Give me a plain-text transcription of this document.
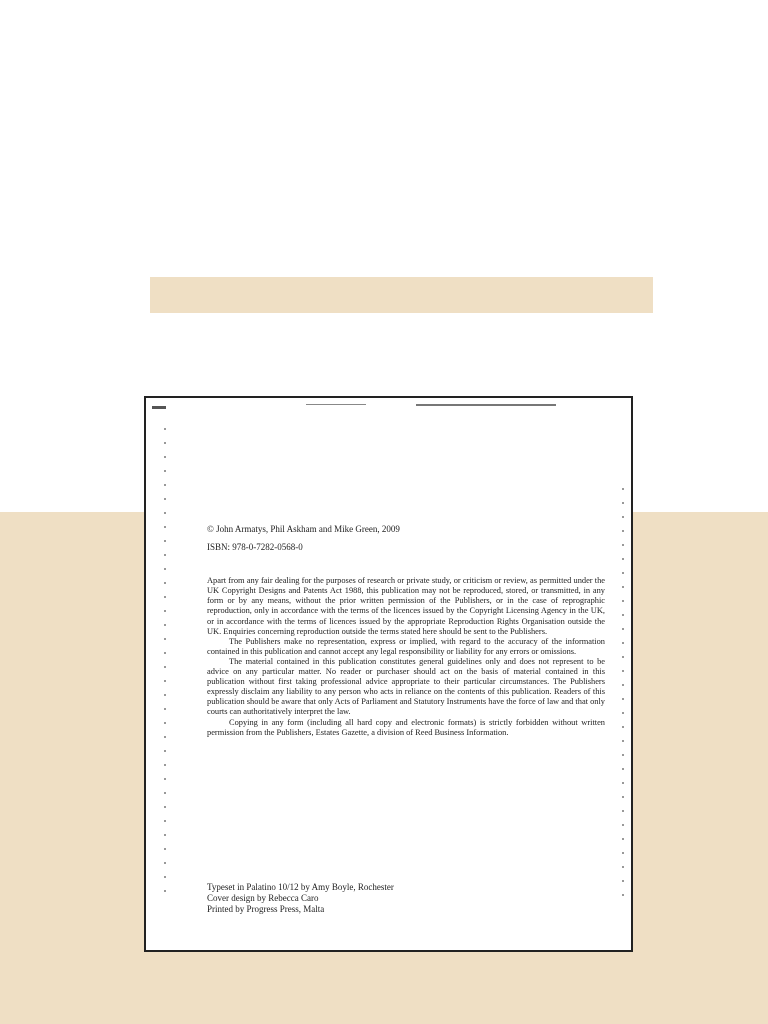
© John Armatys, Phil Askham and Mike Green, 2009

ISBN: 978-0-7282-0568-0

Apart from any fair dealing for the purposes of research or private study, or criticism or review, as permitted under the UK Copyright Designs and Patents Act 1988, this publication may not be reproduced, stored, or transmitted, in any form or by any means, without the prior written permission of the Publishers, or in the case of reprographic reproduction, only in accordance with the terms of the licences issued by the Copyright Licensing Agency in the UK, or in accordance with the terms of licences issued by the appropriate Reproduction Rights Organisation outside the UK. Enquiries concerning reproduction outside the terms stated here should be sent to the Publishers.

The Publishers make no representation, express or implied, with regard to the accuracy of the information contained in this publication and cannot accept any legal responsibility or liability for any errors or omissions.

The material contained in this publication constitutes general guidelines only and does not represent to be advice on any particular matter. No reader or purchaser should act on the basis of material contained in this publication without first taking professional advice appropriate to their particular circumstances. The Publishers expressly disclaim any liability to any person who acts in reliance on the contents of this publication. Readers of this publication should be aware that only Acts of Parliament and Statutory Instruments have the force of law and that only courts can authoritatively interpret the law.

Copying in any form (including all hard copy and electronic formats) is strictly forbidden without written permission from the Publishers, Estates Gazette, a division of Reed Business Information.

Typeset in Palatino 10/12 by Amy Boyle, Rochester
Cover design by Rebecca Caro
Printed by Progress Press, Malta
